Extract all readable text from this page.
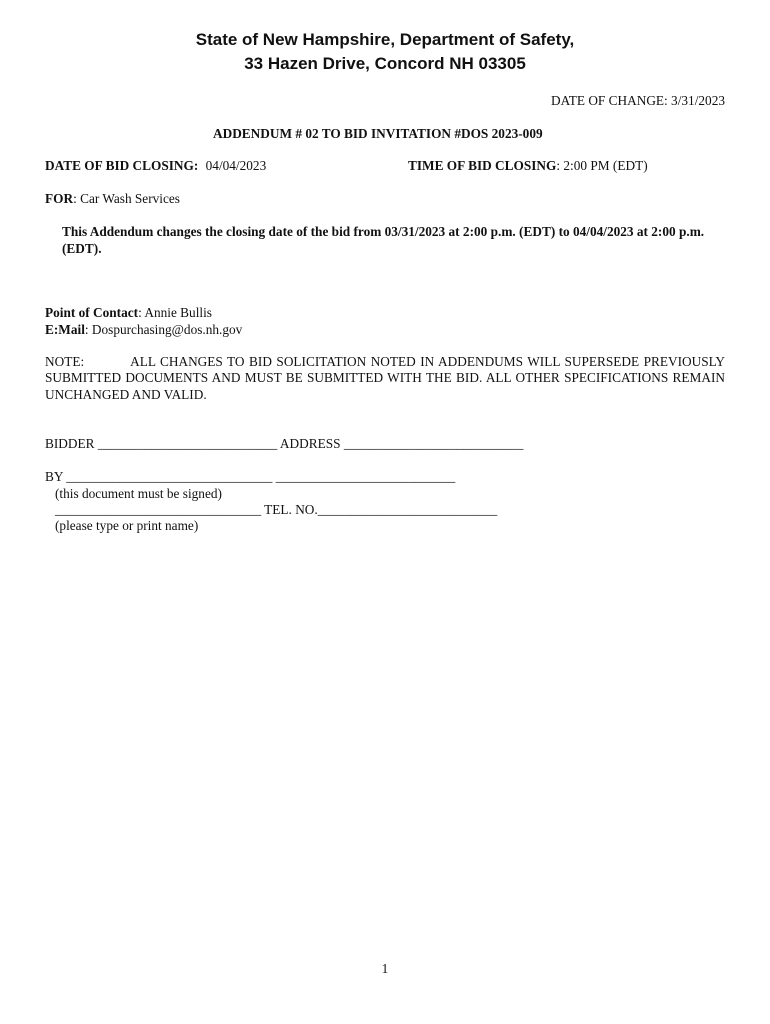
State of New Hampshire, Department of Safety,
33 Hazen Drive, Concord NH 03305
DATE OF CHANGE: 3/31/2023
ADDENDUM # 02 TO BID INVITATION #DOS 2023-009
DATE OF BID CLOSING: 04/04/2023	TIME OF BID CLOSING: 2:00 PM (EDT)
FOR: Car Wash Services
This Addendum changes the closing date of the bid from 03/31/2023 at 2:00 p.m. (EDT) to 04/04/2023 at 2:00 p.m. (EDT).
Point of Contact: Annie Bullis
E:Mail: Dospurchasing@dos.nh.gov
NOTE:	ALL CHANGES TO BID SOLICITATION NOTED IN ADDENDUMS WILL SUPERSEDE PREVIOUSLY SUBMITTED DOCUMENTS AND MUST BE SUBMITTED WITH THE BID. ALL OTHER SPECIFICATIONS REMAIN UNCHANGED AND VALID.
BIDDER ___________________________ ADDRESS ___________________________
BY _______________________________ ___________________________
(this document must be signed)
_______________________________ TEL. NO.___________________________
(please type or print name)
1
